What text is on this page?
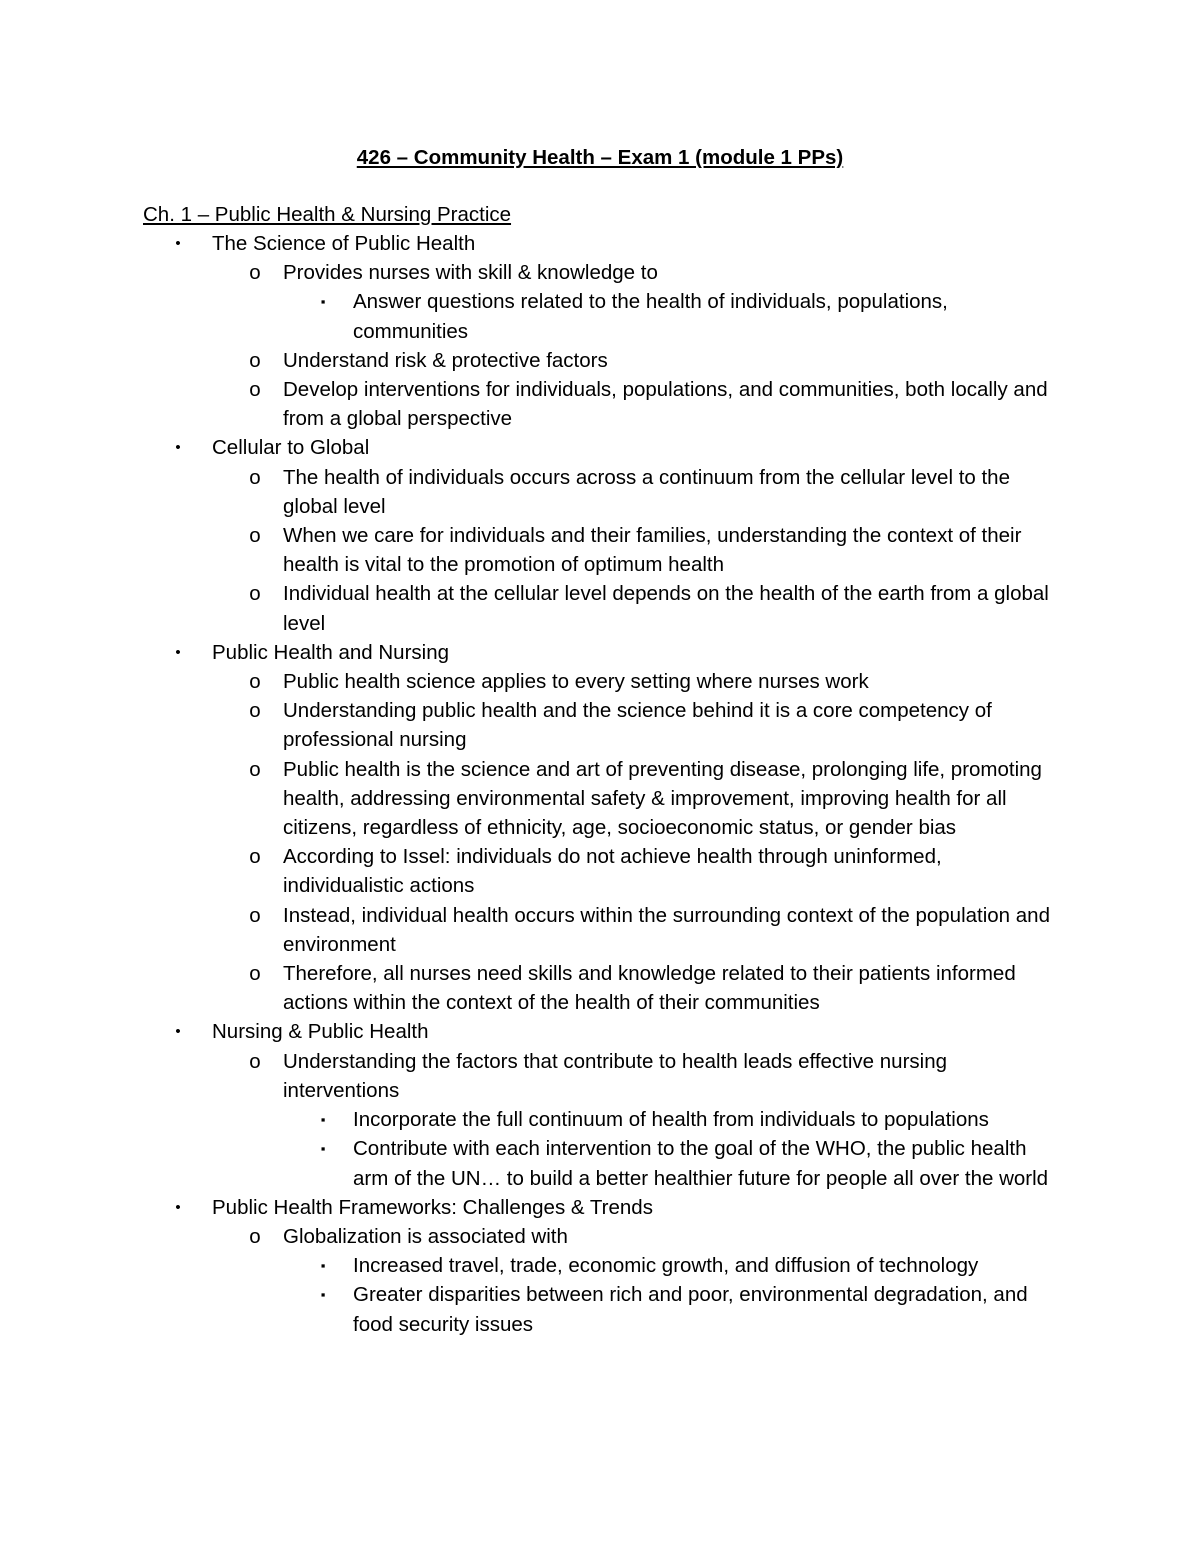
426 – Community Health – Exam 1 (module 1 PPs)
Ch. 1 – Public Health & Nursing Practice
•	The Science of Public Health
o Provides nurses with skill & knowledge to
▪	Answer questions related to the health of individuals, populations, communities
o Understand risk & protective factors
o Develop interventions for individuals, populations, and communities, both locally and from a global perspective
•	Cellular to Global
o The health of individuals occurs across a continuum from the cellular level to the global level
o When we care for individuals and their families, understanding the context of their health is vital to the promotion of optimum health
o Individual health at the cellular level depends on the health of the earth from a global level
•	Public Health and Nursing
o Public health science applies to every setting where nurses work
o Understanding public health and the science behind it is a core competency of professional nursing
o Public health is the science and art of preventing disease, prolonging life, promoting health, addressing environmental safety & improvement, improving health for all citizens, regardless of ethnicity, age, socioeconomic status, or gender bias
o According to Issel: individuals do not achieve health through uninformed, individualistic actions
o Instead, individual health occurs within the surrounding context of the population and environment
o Therefore, all nurses need skills and knowledge related to their patients informed actions within the context of the health of their communities
•	Nursing & Public Health
o Understanding the factors that contribute to health leads effective nursing interventions
▪	Incorporate the full continuum of health from individuals to populations
▪	Contribute with each intervention to the goal of the WHO, the public health arm of the UN… to build a better healthier future for people all over the world
•	Public Health Frameworks: Challenges & Trends
o Globalization is associated with
▪	Increased travel, trade, economic growth, and diffusion of technology
▪	Greater disparities between rich and poor, environmental degradation, and food security issues
